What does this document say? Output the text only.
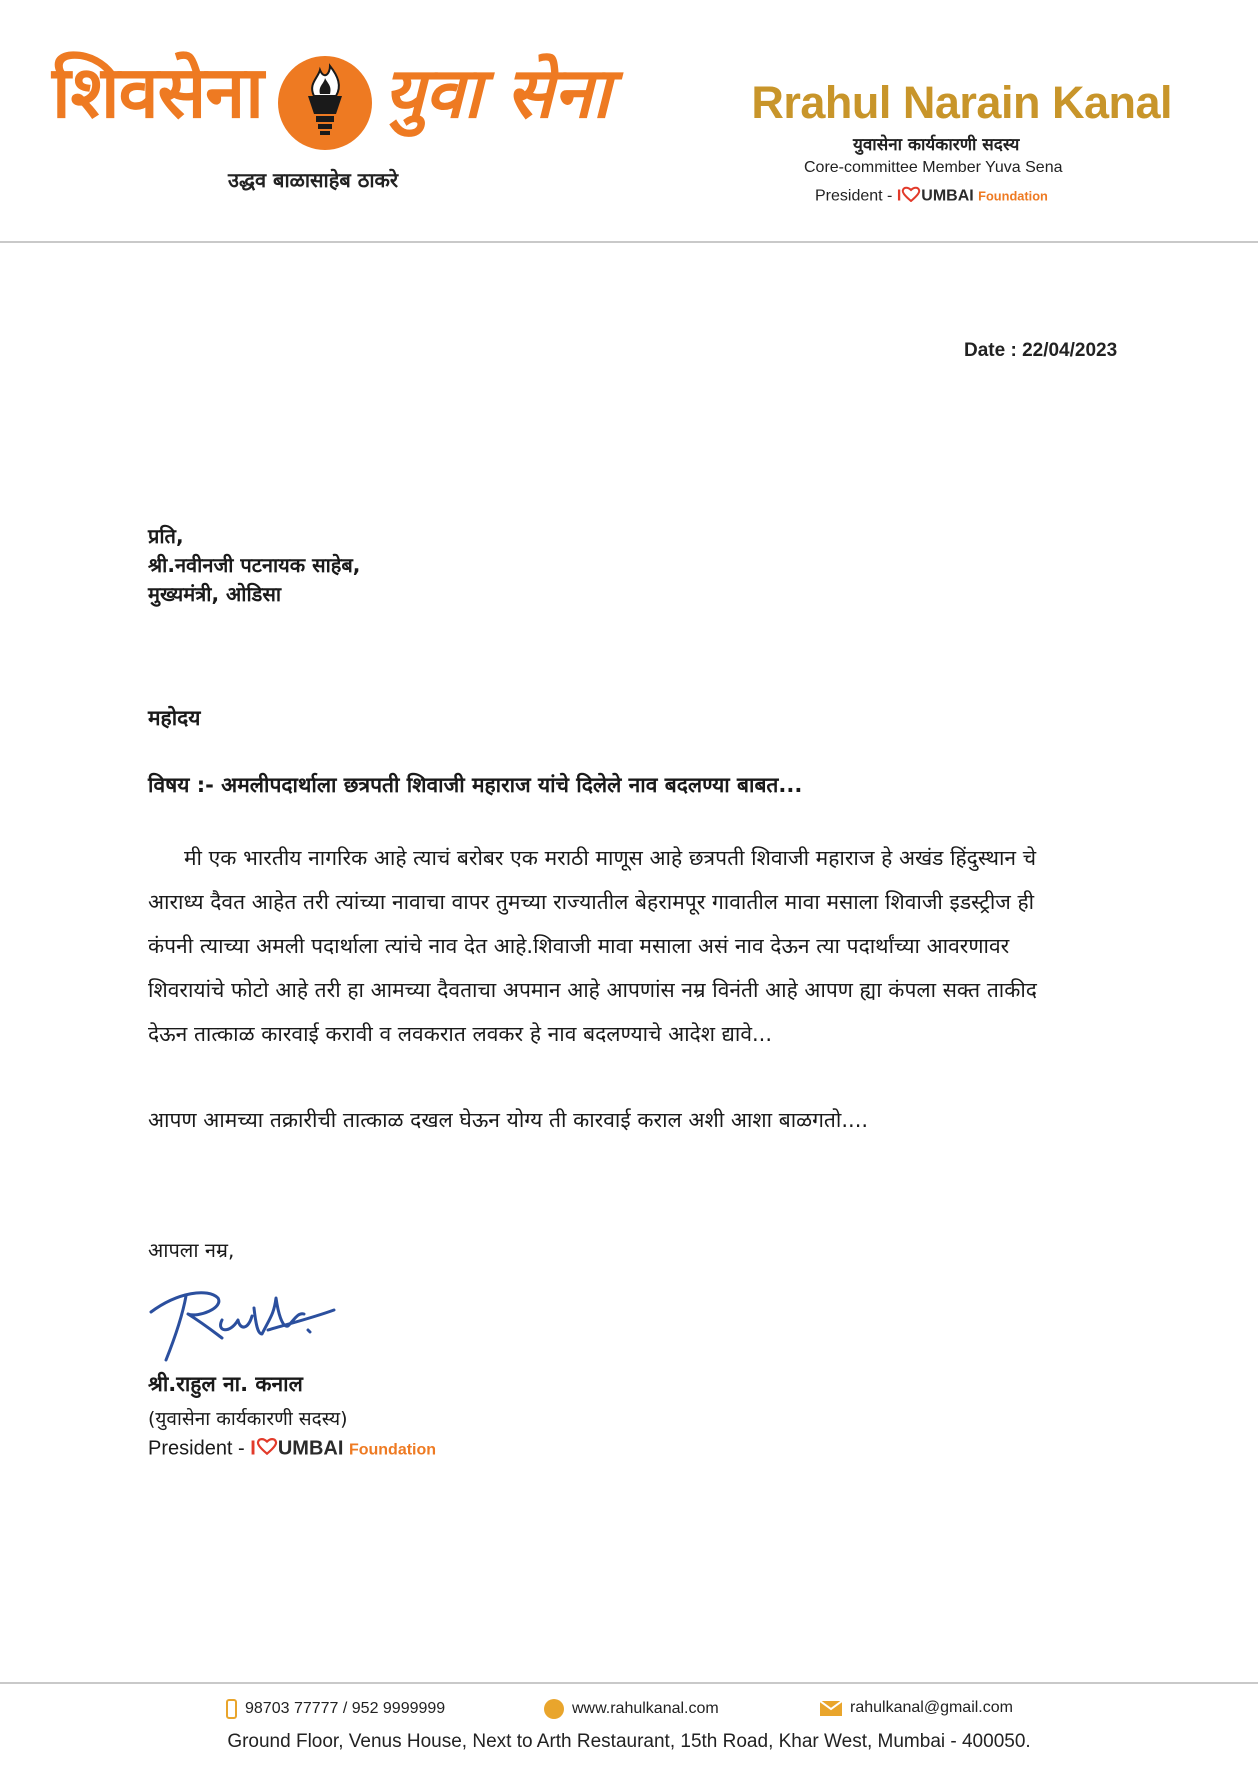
शिवसेना युवा सेना
उद्धव बाळासाहेब ठाकरे
Rrahul Narain Kanal
युवासेना कार्यकारणी सदस्य
Core-committee Member Yuva Sena
President - I UMBAI Foundation
Date : 22/04/2023
प्रति,
श्री.नवीनजी पटनायक साहेब,
मुख्यमंत्री, ओडिसा
महोदय
विषय :- अमलीपदार्थाला छत्रपती शिवाजी महाराज यांचे दिलेले नाव बदलण्या बाबत...
मी एक भारतीय नागरिक आहे त्याचं बरोबर एक मराठी माणूस आहे छत्रपती शिवाजी महाराज हे अखंड हिंदुस्थान चे
आराध्य दैवत आहेत तरी त्यांच्या नावाचा वापर तुमच्या राज्यातील बेहरामपूर गावातील मावा मसाला शिवाजी इडस्ट्रीज ही
कंपनी त्याच्या अमली पदार्थाला त्यांचे नाव देत आहे.शिवाजी मावा मसाला असं नाव देऊन त्या पदार्थांच्या आवरणावर
शिवरायांचे फोटो आहे तरी हा आमच्या दैवताचा अपमान आहे आपणांस नम्र विनंती आहे आपण ह्या कंपला सक्त ताकीद
देऊन तात्काळ कारवाई करावी व लवकरात लवकर हे नाव बदलण्याचे आदेश द्यावे...
आपण आमच्या तक्रारीची तात्काळ दखल घेऊन योग्य ती कारवाई कराल अशी आशा बाळगतो....
आपला नम्र,
श्री.राहुल ना. कनाल
(युवासेना कार्यकारणी सदस्य)
President - I UMBAI Foundation
98703 77777 / 952 9999999	www.rahulkanal.com	rahulkanal@gmail.com
Ground Floor, Venus House, Next to Arth Restaurant, 15th Road, Khar West, Mumbai - 400050.
